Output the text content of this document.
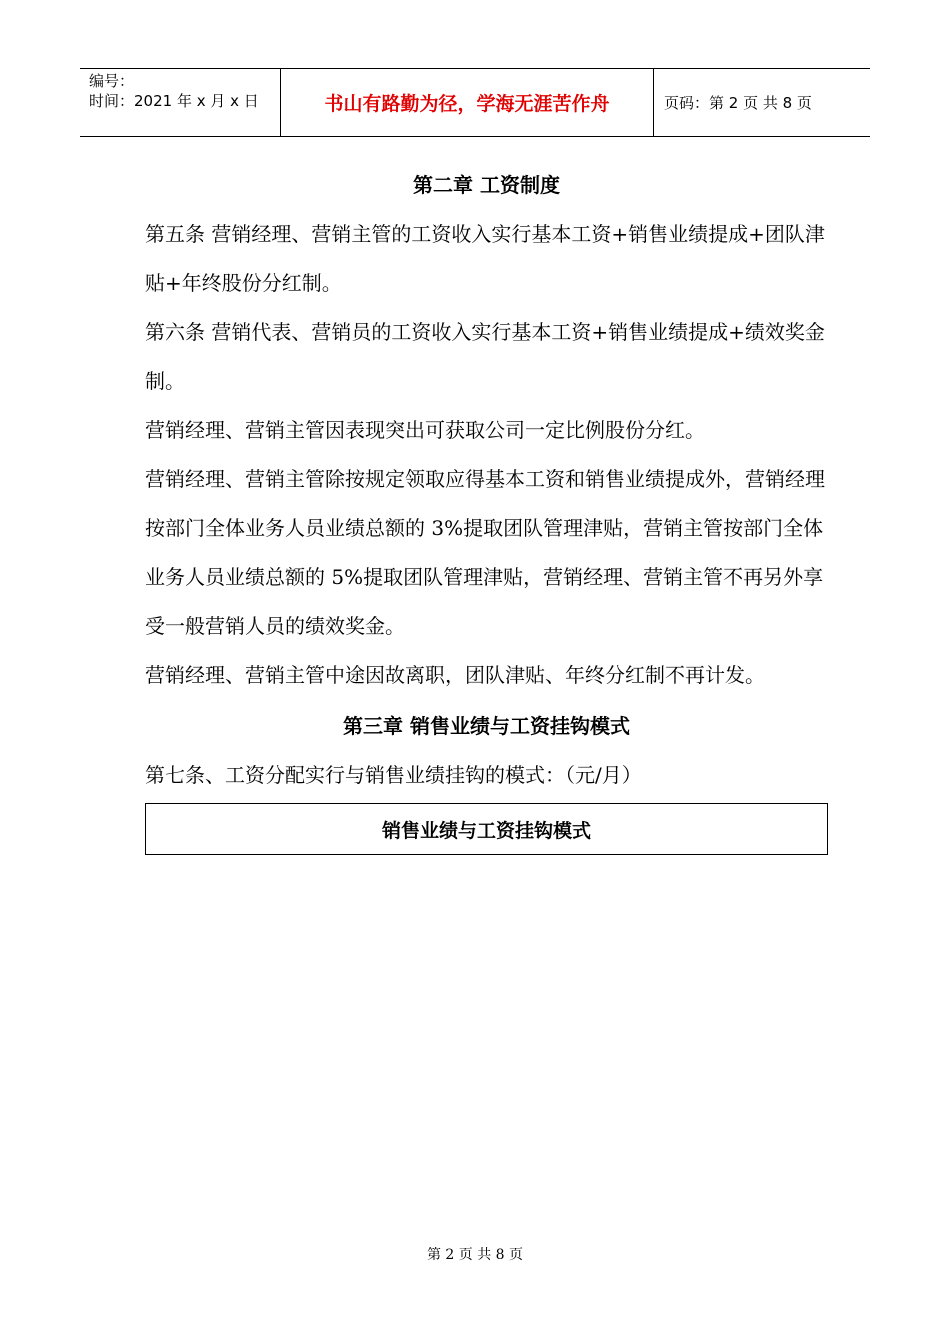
编号：
时间：2021 年 x 月 x 日	书山有路勤为径，学海无涯苦作舟	页码：第 2 页 共 8 页
第二章 工资制度

第五条 营销经理、营销主管的工资收入实行基本工资+销售业绩提成+团队津贴+年终股份分红制。

第六条 营销代表、营销员的工资收入实行基本工资+销售业绩提成+绩效奖金制。

营销经理、营销主管因表现突出可获取公司一定比例股份分红。

营销经理、营销主管除按规定领取应得基本工资和销售业绩提成外，营销经理按部门全体业务人员业绩总额的 3%提取团队管理津贴，营销主管按部门全体业务人员业绩总额的 5%提取团队管理津贴，营销经理、营销主管不再另外享受一般营销人员的绩效奖金。

营销经理、营销主管中途因故离职，团队津贴、年终分红制不再计发。

第三章 销售业绩与工资挂钩模式

第七条、工资分配实行与销售业绩挂钩的模式：（元/月）

销售业绩与工资挂钩模式
第 2 页 共 8 页
